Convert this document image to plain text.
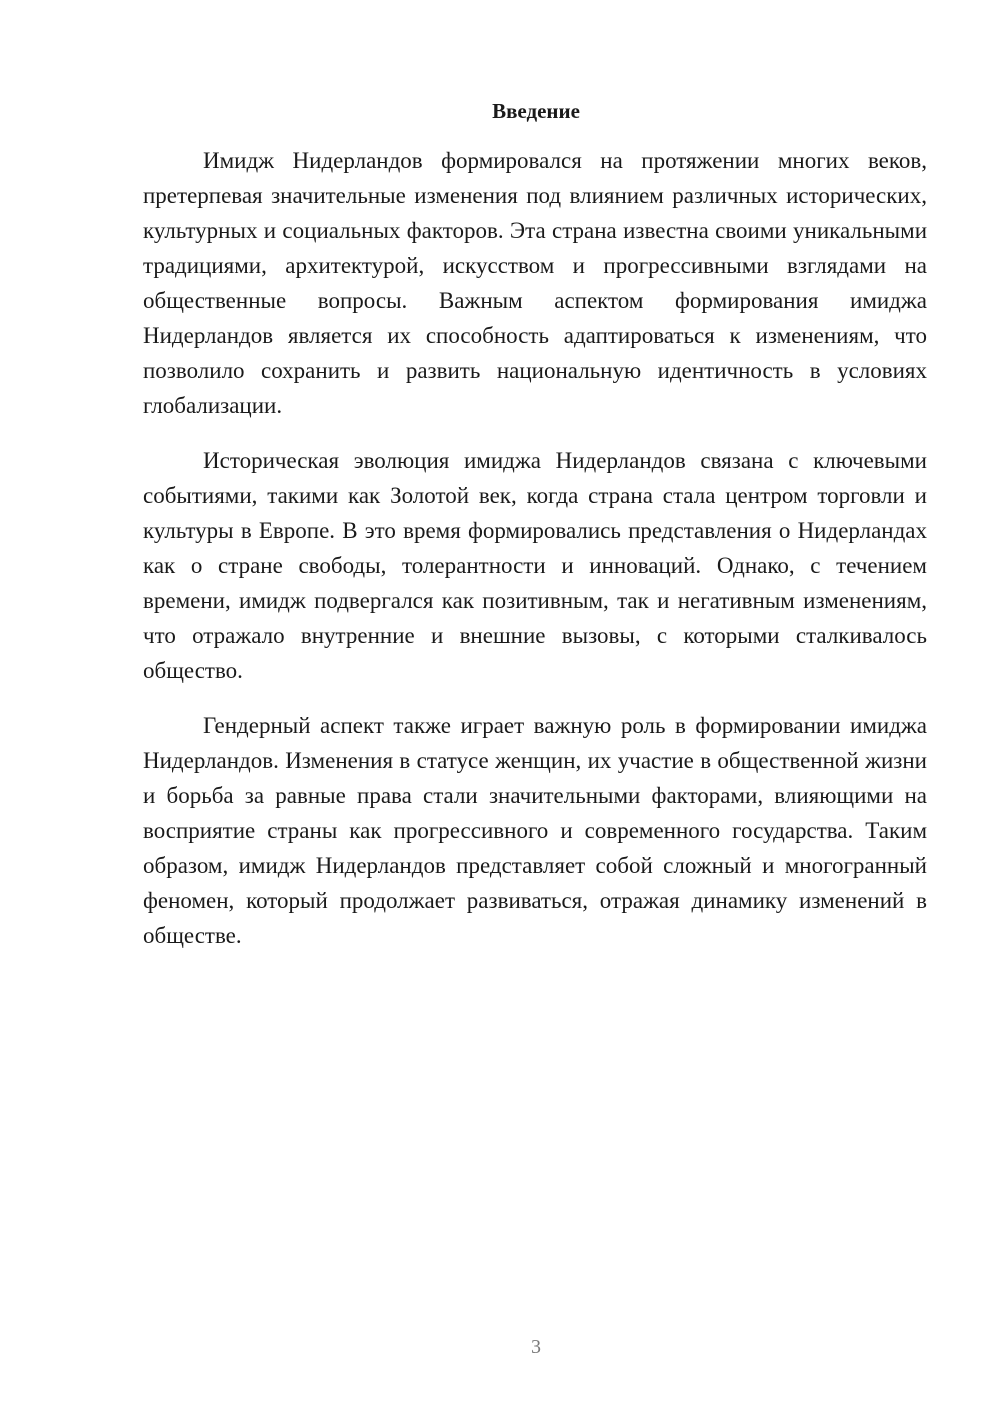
Введение

Имидж Нидерландов формировался на протяжении многих веков, претерпевая значительные изменения под влиянием различных исторических, культурных и социальных факторов. Эта страна известна своими уникальными традициями, архитектурой, искусством и прогрессивными взглядами на общественные вопросы. Важным аспектом формирования имиджа Нидерландов является их способность адаптироваться к изменениям, что позволило сохранить и развить национальную идентичность в условиях глобализации.

Историческая эволюция имиджа Нидерландов связана с ключевыми событиями, такими как Золотой век, когда страна стала центром торговли и культуры в Европе. В это время формировались представления о Нидерландах как о стране свободы, толерантности и инноваций. Однако, с течением времени, имидж подвергался как позитивным, так и негативным изменениям, что отражало внутренние и внешние вызовы, с которыми сталкивалось общество.

Гендерный аспект также играет важную роль в формировании имиджа Нидерландов. Изменения в статусе женщин, их участие в общественной жизни и борьба за равные права стали значительными факторами, влияющими на восприятие страны как прогрессивного и современного государства. Таким образом, имидж Нидерландов представляет собой сложный и многогранный феномен, который продолжает развиваться, отражая динамику изменений в обществе.

3
